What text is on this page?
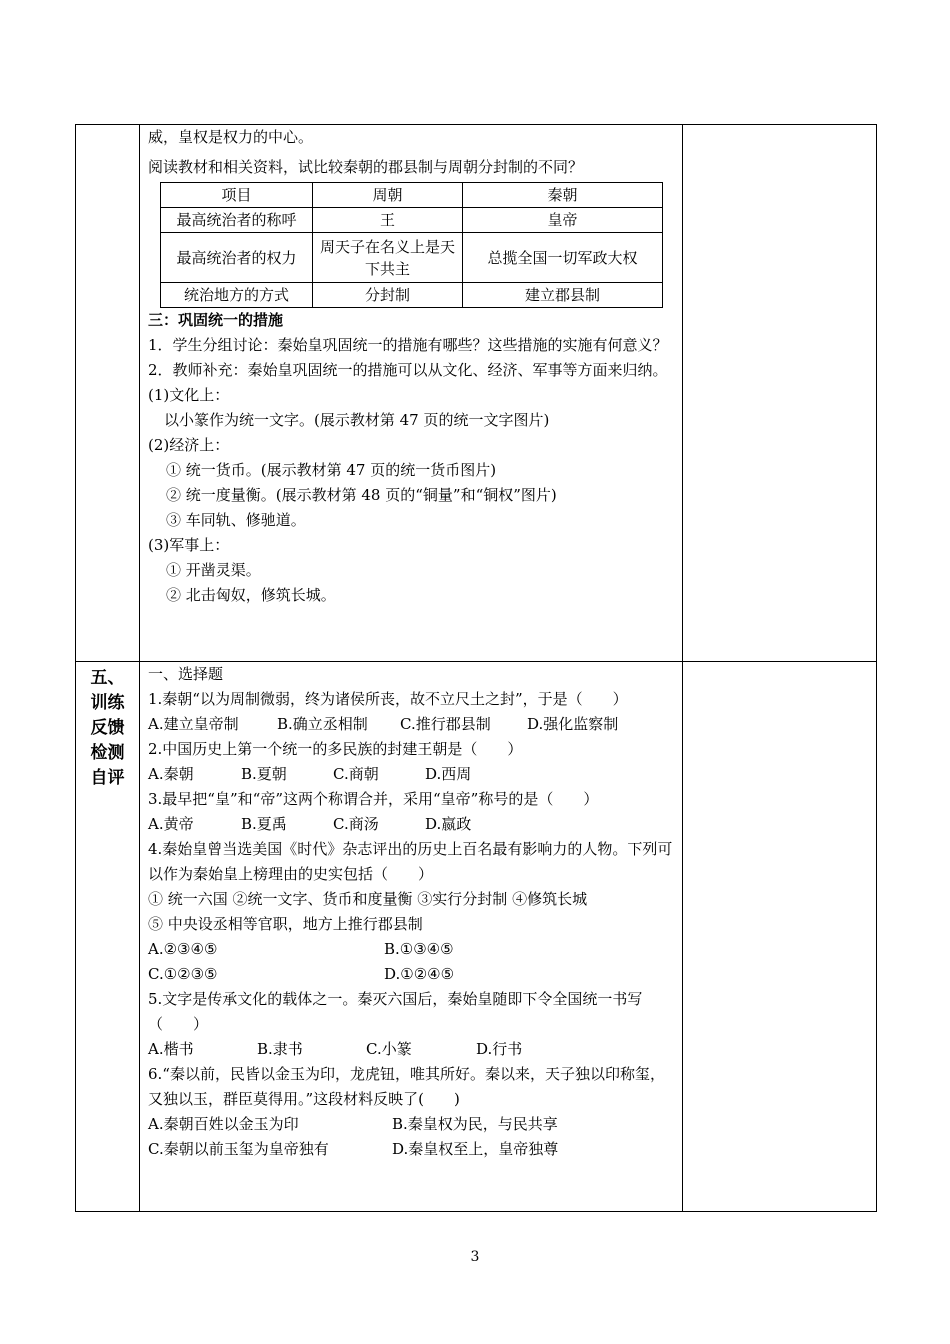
威，皇权是权力的中心。
阅读教材和相关资料，试比较秦朝的郡县制与周朝分封制的不同？
项目	周朝	秦朝
最高统治者的称呼	王	皇帝
最高统治者的权力	周天子在名义上是天下共主	总揽全国一切军政大权
统治地方的方式	分封制	建立郡县制
三：巩固统一的措施
1．学生分组讨论：秦始皇巩固统一的措施有哪些？这些措施的实施有何意义？
2．教师补充：秦始皇巩固统一的措施可以从文化、经济、军事等方面来归纳。
(1)文化上：
以小篆作为统一文字。(展示教材第 47 页的统一文字图片)
(2)经济上：
① 统一货币。(展示教材第 47 页的统一货币图片)
② 统一度量衡。(展示教材第 48 页的“铜量”和“铜权”图片)
③ 车同轨、修驰道。
(3)军事上：
① 开凿灵渠。
② 北击匈奴，修筑长城。

五、
训练
反馈
检测
自评

一、选择题
1.秦朝“以为周制微弱，终为诸侯所丧，故不立尺土之封”，于是（　　）
A.建立皇帝制	B.确立丞相制	C.推行郡县制	D.强化监察制
2.中国历史上第一个统一的多民族的封建王朝是（　　）
A.秦朝	B.夏朝	C.商朝	D.西周
3.最早把“皇”和“帝”这两个称谓合并，采用“皇帝”称号的是（　　）
A.黄帝	B.夏禹	C.商汤	D.嬴政
4.秦始皇曾当选美国《时代》杂志评出的历史上百名最有影响力的人物。下列可以作为秦始皇上榜理由的史实包括（　　）
① 统一六国 ②统一文字、货币和度量衡 ③实行分封制 ④修筑长城
⑤ 中央设丞相等官职，地方上推行郡县制
A.②③④⑤	B.①③④⑤
C.①②③⑤	D.①②④⑤
5.文字是传承文化的载体之一。秦灭六国后，秦始皇随即下令全国统一书写（　　）
A.楷书	B.隶书	C.小篆	D.行书
6.“秦以前，民皆以金玉为印，龙虎钮，唯其所好。秦以来，天子独以印称玺，又独以玉，群臣莫得用。”这段材料反映了(　　)
A.秦朝百姓以金玉为印	B.秦皇权为民，与民共享
C.秦朝以前玉玺为皇帝独有	D.秦皇权至上，皇帝独尊

3
